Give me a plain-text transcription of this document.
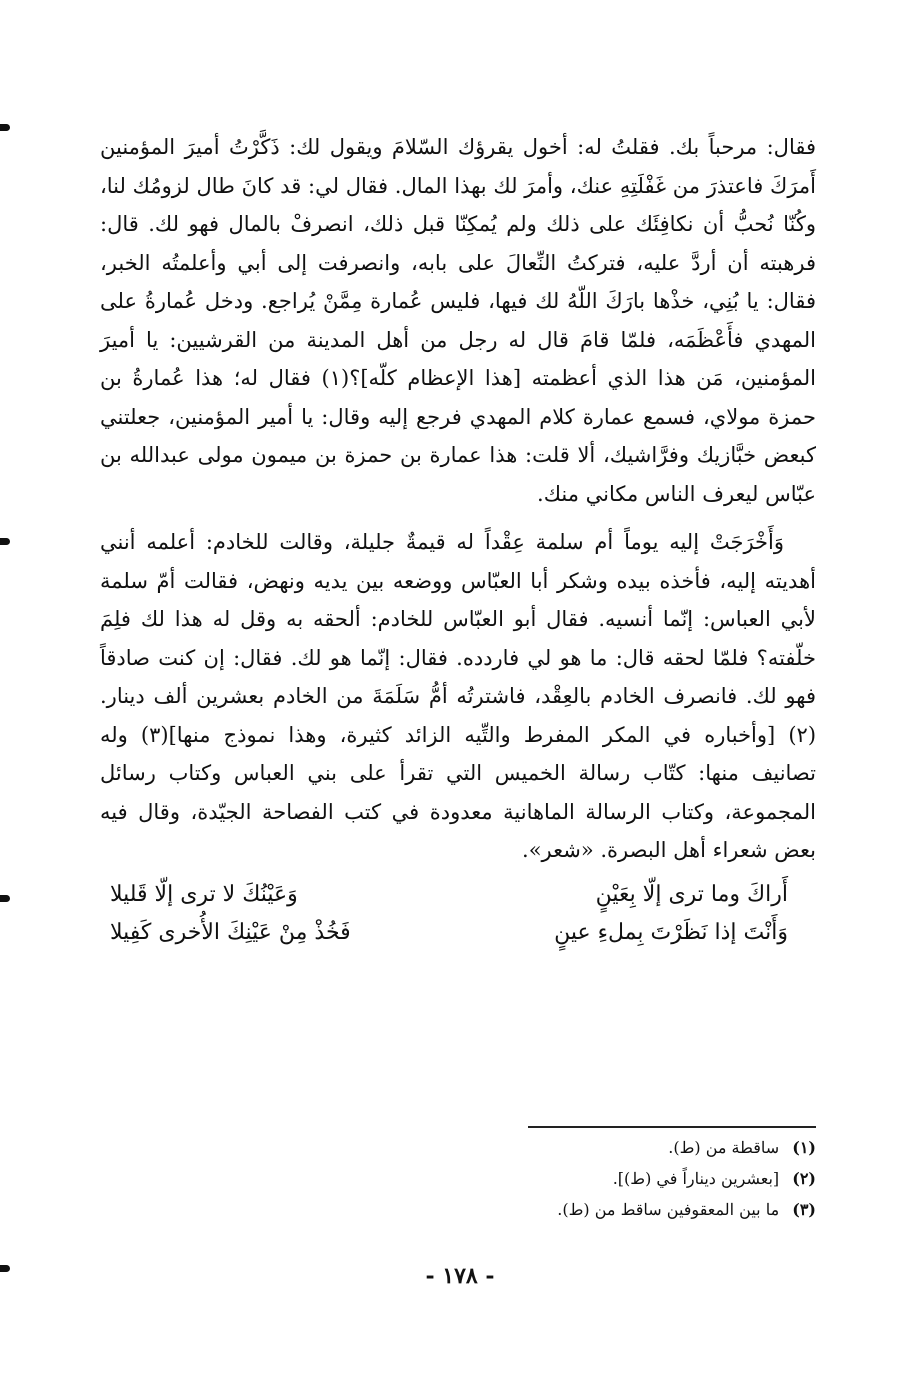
فقال: مرحباً بك. فقلتُ له: أخول يقرؤك السّلامَ ويقول لك: ذَكَّرْتُ أميرَ المؤمنين أَمرَكَ فاعتذرَ من غَفْلَتِهِ عنك، وأمرَ لك بهذا المال. فقال لي: قد كانَ طال لزومُك لنا، وكُنّا نُحبُّ أن نكافِئَك على ذلك ولم يُمكِنّا قبل ذلك، انصرفْ بالمال فهو لك. قال: فرهبته أن أردَّ عليه، فتركتُ النِّعالَ على بابه، وانصرفت إلى أبي وأعلمتُه الخبر، فقال: يا بُنِي، خذْها بارَكَ اللّهُ لك فيها، فليس عُمارة مِمَّنْ يُراجع. ودخل عُمارةُ على المهدي فأَعْظَمَه، فلمّا قامَ قال له رجل من أهل المدينة من القرشيين: يا أميرَ المؤمنين، مَن هذا الذي أعظمته [هذا الإعظام كلّه]؟(١) فقال له؛ هذا عُمارةُ بن حمزة مولاي، فسمع عمارة كلام المهدي فرجع إليه وقال: يا أمير المؤمنين، جعلتني كبعض خبَّازيك وفرَّاشيك، ألا قلت: هذا عمارة بن حمزة بن ميمون مولى عبدالله بن عبّاس ليعرف الناس مكاني منك.

وَأَخْرَجَتْ إليه يوماً أم سلمة عِقْداً له قيمةٌ جليلة، وقالت للخادم: أعلمه أنني أهديته إليه، فأخذه بيده وشكر أبا العبّاس ووضعه بين يديه ونهض، فقالت أمّ سلمة لأبي العباس: إنّما أنسيه. فقال أبو العبّاس للخادم: ألحقه به وقل له هذا لك فلِمَ خلّفته؟ فلمّا لحقه قال: ما هو لي فاردده. فقال: إنّما هو لك. فقال: إن كنت صادقاً فهو لك. فانصرف الخادم بالعِقْد، فاشترتُه أمُّ سَلَمَةَ من الخادم بعشرين ألف دينار.(٢) [وأخباره في المكر المفرط والتِّيه الزائد كثيرة، وهذا نموذج منها](٣) وله تصانيف منها: كتّاب رسالة الخميس التي تقرأ على بني العباس وكتاب رسائل المجموعة، وكتاب الرسالة الماهانية معدودة في كتب الفصاحة الجيّدة، وقال فيه بعض شعراء أهل البصرة. «شعر».

أَراكَ وما ترى إلّا بِعَيْنٍ
وَعَيْنُكَ لا ترى إلّا قَليلا
وَأَنْتَ إذا نَظَرْتَ بِملءِ عينٍ
فَخُذْ مِنْ عَيْنِكَ الأُخرى كَفِيلا
(١) ساقطة من (ط).
(٢) [بعشرين ديناراً في (ط)].
(٣) ما بين المعقوفين ساقط من (ط).
- ١٧٨ -
